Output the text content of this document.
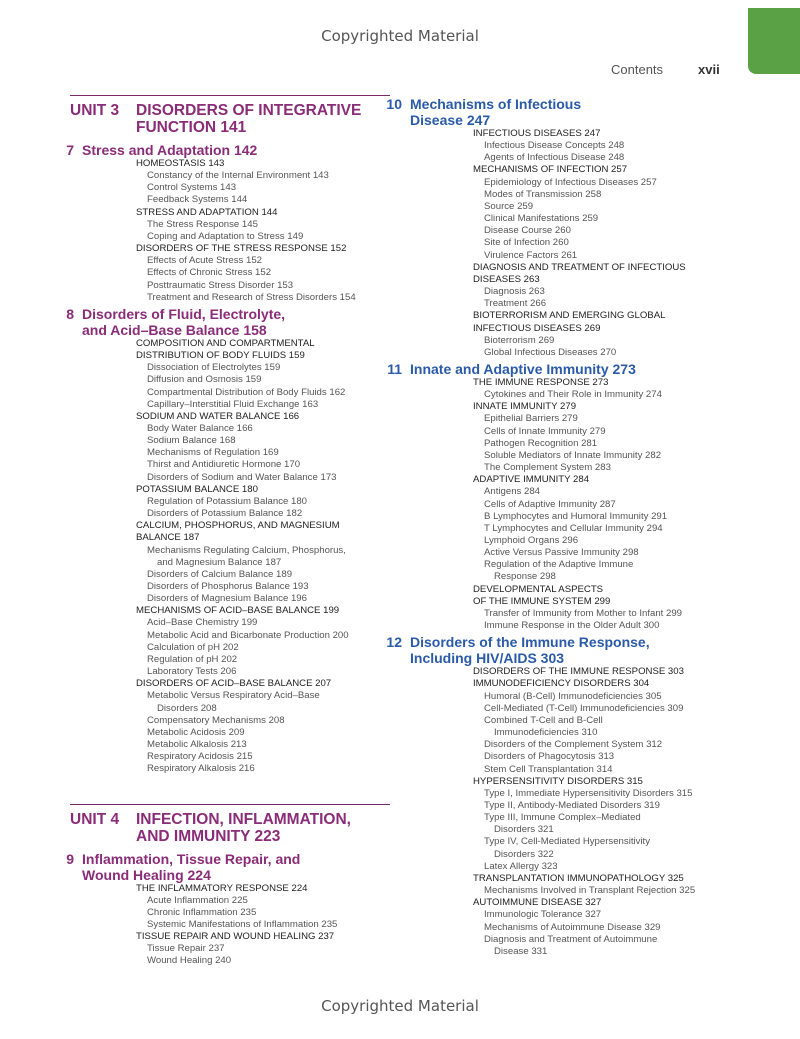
Copyrighted Material
Copyrighted Material
Contents	xvii
UNIT 3	DISORDERS OF INTEGRATIVE
FUNCTION 141
7 Stress and Adaptation 142
HOMEOSTASIS 143
Constancy of the Internal Environment 143
Control Systems 143
Feedback Systems 144
STRESS AND ADAPTATION 144
The Stress Response 145
Coping and Adaptation to Stress 149
DISORDERS OF THE STRESS RESPONSE 152
Effects of Acute Stress 152
Effects of Chronic Stress 152
Posttraumatic Stress Disorder 153
Treatment and Research of Stress Disorders 154
8 Disorders of Fluid, Electrolyte,
and Acid–Base Balance 158
COMPOSITION AND COMPARTMENTAL
DISTRIBUTION OF BODY FLUIDS 159
Dissociation of Electrolytes 159
Diffusion and Osmosis 159
Compartmental Distribution of Body Fluids 162
Capillary–Interstitial Fluid Exchange 163
SODIUM AND WATER BALANCE 166
Body Water Balance 166
Sodium Balance 168
Mechanisms of Regulation 169
Thirst and Antidiuretic Hormone 170
Disorders of Sodium and Water Balance 173
POTASSIUM BALANCE 180
Regulation of Potassium Balance 180
Disorders of Potassium Balance 182
CALCIUM, PHOSPHORUS, AND MAGNESIUM
BALANCE 187
Mechanisms Regulating Calcium, Phosphorus,
and Magnesium Balance 187
Disorders of Calcium Balance 189
Disorders of Phosphorus Balance 193
Disorders of Magnesium Balance 196
MECHANISMS OF ACID–BASE BALANCE 199
Acid–Base Chemistry 199
Metabolic Acid and Bicarbonate Production 200
Calculation of pH 202
Regulation of pH 202
Laboratory Tests 206
DISORDERS OF ACID–BASE BALANCE 207
Metabolic Versus Respiratory Acid–Base
Disorders 208
Compensatory Mechanisms 208
Metabolic Acidosis 209
Metabolic Alkalosis 213
Respiratory Acidosis 215
Respiratory Alkalosis 216
UNIT 4	INFECTION, INFLAMMATION,
AND IMMUNITY 223
9 Inflammation, Tissue Repair, and
Wound Healing 224
THE INFLAMMATORY RESPONSE 224
Acute Inflammation 225
Chronic Inflammation 235
Systemic Manifestations of Inflammation 235
TISSUE REPAIR AND WOUND HEALING 237
Tissue Repair 237
Wound Healing 240
10 Mechanisms of Infectious
Disease 247
INFECTIOUS DISEASES 247
Infectious Disease Concepts 248
Agents of Infectious Disease 248
MECHANISMS OF INFECTION 257
Epidemiology of Infectious Diseases 257
Modes of Transmission 258
Source 259
Clinical Manifestations 259
Disease Course 260
Site of Infection 260
Virulence Factors 261
DIAGNOSIS AND TREATMENT OF INFECTIOUS
DISEASES 263
Diagnosis 263
Treatment 266
BIOTERRORISM AND EMERGING GLOBAL
INFECTIOUS DISEASES 269
Bioterrorism 269
Global Infectious Diseases 270
11 Innate and Adaptive Immunity 273
THE IMMUNE RESPONSE 273
Cytokines and Their Role in Immunity 274
INNATE IMMUNITY 279
Epithelial Barriers 279
Cells of Innate Immunity 279
Pathogen Recognition 281
Soluble Mediators of Innate Immunity 282
The Complement System 283
ADAPTIVE IMMUNITY 284
Antigens 284
Cells of Adaptive Immunity 287
B Lymphocytes and Humoral Immunity 291
T Lymphocytes and Cellular Immunity 294
Lymphoid Organs 296
Active Versus Passive Immunity 298
Regulation of the Adaptive Immune
Response 298
DEVELOPMENTAL ASPECTS
OF THE IMMUNE SYSTEM 299
Transfer of Immunity from Mother to Infant 299
Immune Response in the Older Adult 300
12 Disorders of the Immune Response,
Including HIV/AIDS 303
DISORDERS OF THE IMMUNE RESPONSE 303
IMMUNODEFICIENCY DISORDERS 304
Humoral (B-Cell) Immunodeficiencies 305
Cell-Mediated (T-Cell) Immunodeficiencies 309
Combined T-Cell and B-Cell
Immunodeficiencies 310
Disorders of the Complement System 312
Disorders of Phagocytosis 313
Stem Cell Transplantation 314
HYPERSENSITIVITY DISORDERS 315
Type I, Immediate Hypersensitivity Disorders 315
Type II, Antibody-Mediated Disorders 319
Type III, Immune Complex–Mediated
Disorders 321
Type IV, Cell-Mediated Hypersensitivity
Disorders 322
Latex Allergy 323
TRANSPLANTATION IMMUNOPATHOLOGY 325
Mechanisms Involved in Transplant Rejection 325
AUTOIMMUNE DISEASE 327
Immunologic Tolerance 327
Mechanisms of Autoimmune Disease 329
Diagnosis and Treatment of Autoimmune
Disease 331
